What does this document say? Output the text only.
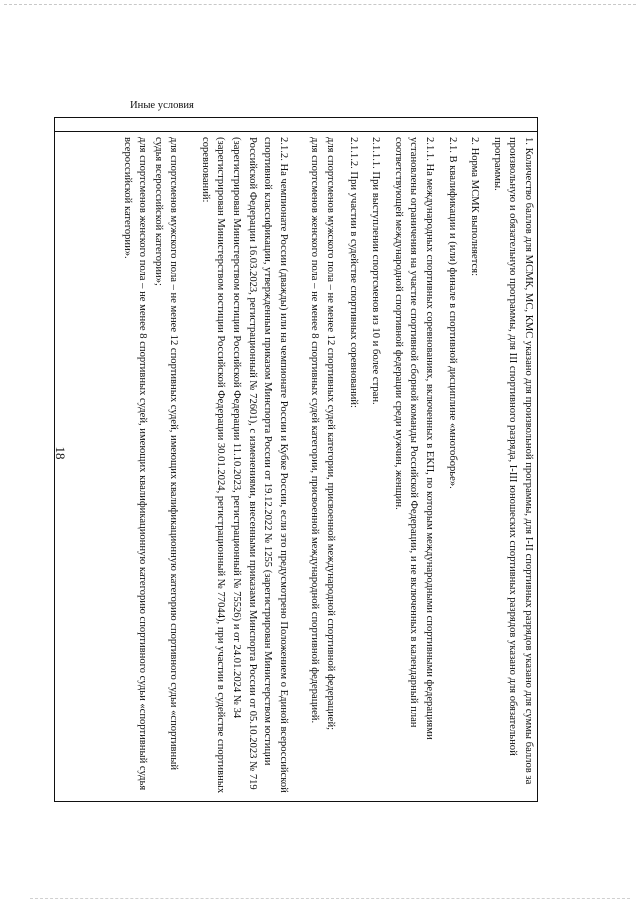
18	1. Количество баллов для МСМК, МС, КМС указано для произвольной программы, для I-II спортивных разрядов указано для суммы баллов за произвольную и обязательную программы, для III спортивного разряда, I-III юношеских спортивных разрядов указано для обязательной программы.

2. Норма МСМК выполняется:

2.1. В квалификации и (или) финале в спортивной дисциплине «многоборье».

2.1.1. На международных спортивных соревнованиях, включенных в ЕКП, по которым международными спортивными федерациями установлены ограничения на участие спортивной сборной команды Российской Федерации, и не включенных в календарный план соответствующей международной спортивной федерации среди мужчин, женщин.

2.1.1.1. При выступлении спортсменов из 10 и более стран.

2.1.1.2. При участии в судействе спортивных соревнований:

для спортсменов мужского пола – не менее 12 спортивных судей категории, присвоенной международной спортивной федерацией;

для спортсменов женского пола – не менее 8 спортивных судей категории, присвоенной международной спортивной федерацией.

2.1.2. На чемпионате России (дважды) или на чемпионате России и Кубке России, если это предусмотрено Положением о Единой всероссийской спортивной классификации, утвержденным приказом Минспорта России от 19.12.2022 № 1255 (зарегистрирован Министерством юстиции Российской Федерации 16.03.2023, регистрационный № 72601), с изменениями, внесенными приказами Минспорта России от 05.10.2023 № 719 (зарегистрирован Министерством юстиции Российской Федерации 11.10.2023, регистрационный № 75526) и от 24.01.2024 № 34 (зарегистрирован Министерством юстиции Российской Федерации 30.01.2024, регистрационный № 77044), при участии в судействе спортивных соревнований:

для спортсменов мужского пола – не менее 12 спортивных судей, имеющих квалификационную категорию спортивного судьи «спортивный судья всероссийской категории»;

для спортсменов женского пола – не менее 8 спортивных судей, имеющих квалификационную категорию спортивного судьи «спортивный судья всероссийской категории».

Иные условия
